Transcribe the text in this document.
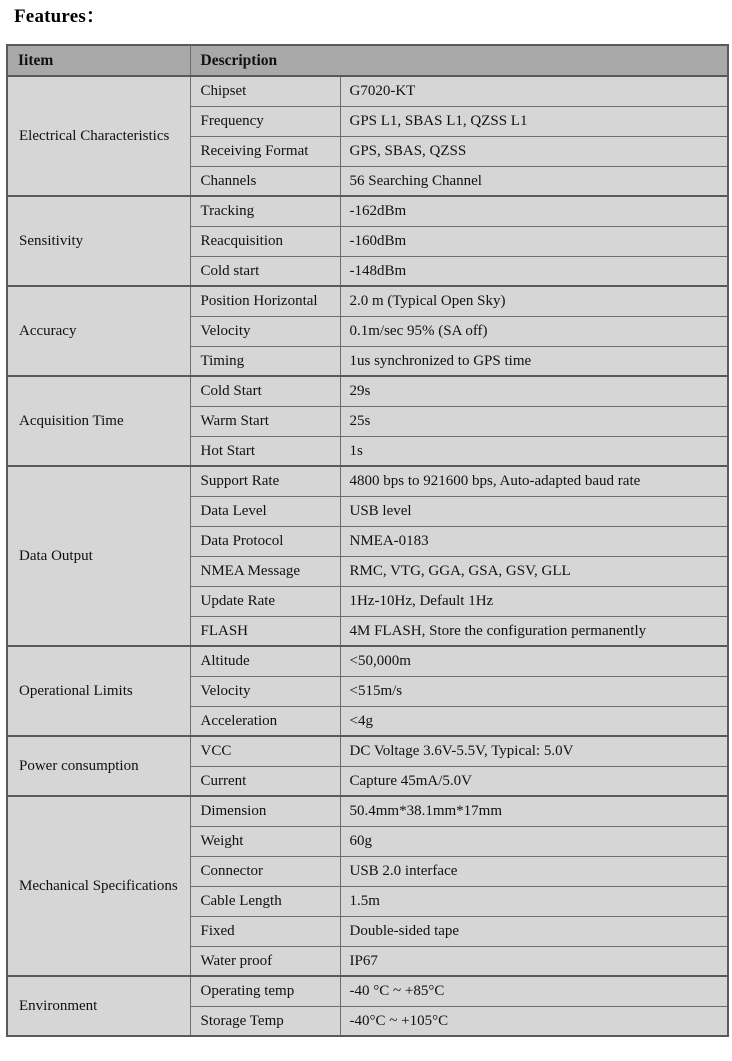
Features：
Iitem	Description	
Electrical Characteristics	Chipset	G7020-KT
	Frequency	GPS L1, SBAS L1, QZSS L1
	Receiving Format	GPS, SBAS, QZSS
	Channels	56 Searching Channel
Sensitivity	Tracking	-162dBm
	Reacquisition	-160dBm
	Cold start	-148dBm
Accuracy	Position Horizontal	2.0 m (Typical Open Sky)
	Velocity	0.1m/sec 95% (SA off)
	Timing	1us synchronized to GPS time
Acquisition Time	Cold Start	29s
	Warm Start	25s
	Hot Start	1s
Data Output	Support Rate	4800 bps to 921600 bps, Auto-adapted baud rate
	Data Level	USB level
	Data Protocol	NMEA-0183
	NMEA Message	RMC, VTG, GGA, GSA, GSV, GLL
	Update Rate	1Hz-10Hz, Default 1Hz
	FLASH	4M FLASH, Store the configuration permanently
Operational Limits	Altitude	<50,000m
	Velocity	<515m/s
	Acceleration	<4g
Power consumption	VCC	DC Voltage 3.6V-5.5V, Typical: 5.0V
	Current	Capture 45mA/5.0V
Mechanical Specifications	Dimension	50.4mm*38.1mm*17mm
	Weight	60g
	Connector	USB 2.0 interface
	Cable Length	1.5m
	Fixed	Double-sided tape
	Water proof	IP67
Environment	Operating temp	-40 °C ~ +85°C
	Storage Temp	-40°C ~ +105°C
